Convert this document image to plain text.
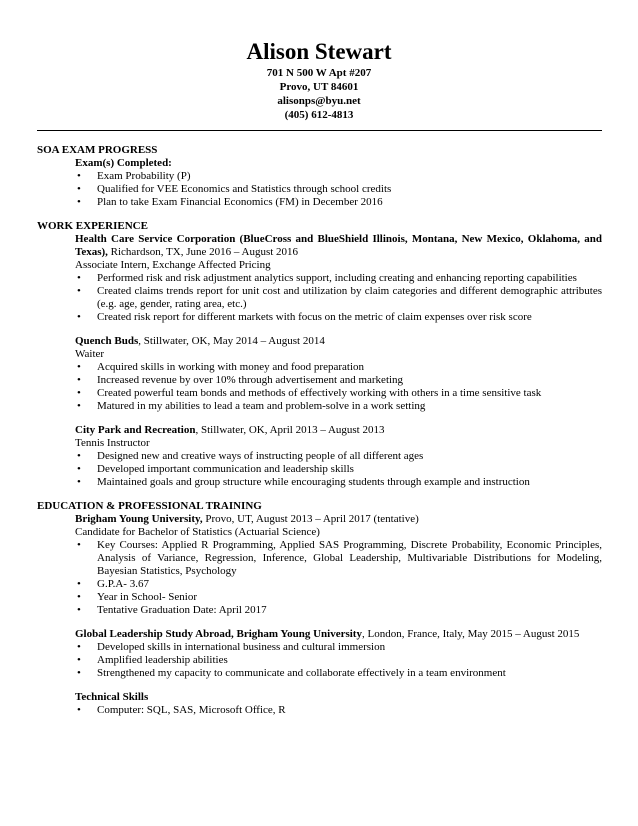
Alison Stewart
701 N 500 W Apt #207
Provo, UT 84601
alisonps@byu.net
(405) 612-4813
SOA EXAM PROGRESS
Exam(s) Completed:
• Exam Probability (P)
• Qualified for VEE Economics and Statistics through school credits
• Plan to take Exam Financial Economics (FM) in December 2016
WORK EXPERIENCE
Health Care Service Corporation (BlueCross and BlueShield Illinois, Montana, New Mexico, Oklahoma, and Texas), Richardson, TX, June 2016 – August 2016
Associate Intern, Exchange Affected Pricing
• Performed risk and risk adjustment analytics support, including creating and enhancing reporting capabilities
• Created claims trends report for unit cost and utilization by claim categories and different demographic attributes (e.g. age, gender, rating area, etc.)
• Created risk report for different markets with focus on the metric of claim expenses over risk score
Quench Buds, Stillwater, OK, May 2014 – August 2014
Waiter
• Acquired skills in working with money and food preparation
• Increased revenue by over 10% through advertisement and marketing
• Created powerful team bonds and methods of effectively working with others in a time sensitive task
• Matured in my abilities to lead a team and problem-solve in a work setting
City Park and Recreation, Stillwater, OK, April 2013 – August 2013
Tennis Instructor
• Designed new and creative ways of instructing people of all different ages
• Developed important communication and leadership skills
• Maintained goals and group structure while encouraging students through example and instruction
EDUCATION & PROFESSIONAL TRAINING
Brigham Young University, Provo, UT, August 2013 – April 2017 (tentative)
Candidate for Bachelor of Statistics (Actuarial Science)
• Key Courses: Applied R Programming, Applied SAS Programming, Discrete Probability, Economic Principles, Analysis of Variance, Regression, Inference, Global Leadership, Multivariable Distributions for Modeling, Bayesian Statistics, Psychology
• G.P.A- 3.67
• Year in School- Senior
• Tentative Graduation Date: April 2017
Global Leadership Study Abroad, Brigham Young University, London, France, Italy, May 2015 – August 2015
• Developed skills in international business and cultural immersion
• Amplified leadership abilities
• Strengthened my capacity to communicate and collaborate effectively in a team environment
Technical Skills
• Computer: SQL, SAS, Microsoft Office, R
